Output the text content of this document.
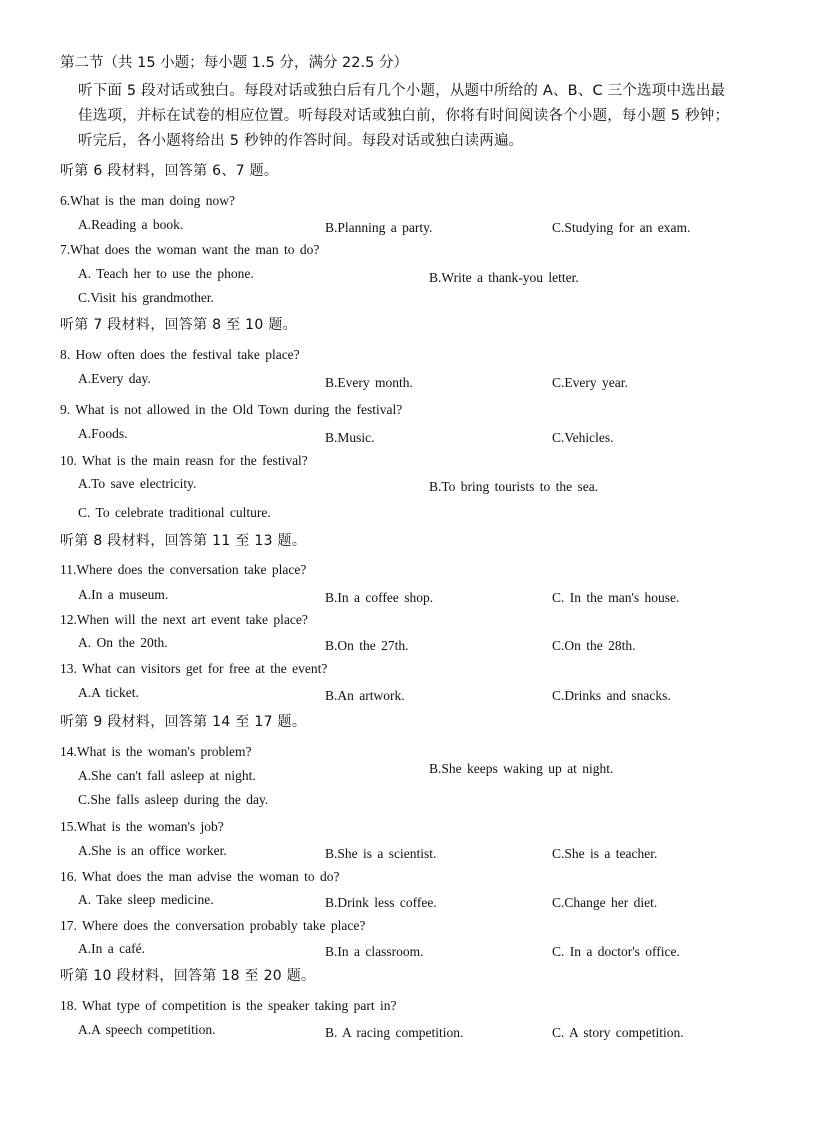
第二节（共 15 小题；每小题 1.5 分，满分 22.5 分）
听下面 5 段对话或独白。每段对话或独白后有几个小题，从题中所给的 A、B、C 三个选项中选出最
佳选项，并标在试卷的相应位置。听每段对话或独白前，你将有时间阅读各个小题，每小题 5 秒钟；
听完后，各小题将给出 5 秒钟的作答时间。每段对话或独白读两遍。
听第 6 段材料，回答第 6、7 题。
6.What is the man doing now?
A.Reading a book.	B.Planning a party.	C.Studying for an exam.
7.What does the woman want the man to do?
A. Teach her to use the phone.	B.Write a thank-you letter.
C.Visit his grandmother.
听第 7 段材料，回答第 8 至 10 题。
8. How often does the festival take place?
A.Every day.	B.Every month.	C.Every year.
9. What is not allowed in the Old Town during the festival?
A.Foods.	B.Music.	C.Vehicles.
10. What is the main reasn for the festival?
A.To save electricity.	B.To bring tourists to the sea.
C. To celebrate traditional culture.
听第 8 段材料，回答第 11 至 13 题。
11.Where does the conversation take place?
A.In a museum.	B.In a coffee shop.	C. In the man's house.
12.When will the next art event take place?
A. On the 20th.	B.On the 27th.	C.On the 28th.
13. What can visitors get for free at the event?
A.A ticket.	B.An artwork.	C.Drinks and snacks.
听第 9 段材料，回答第 14 至 17 题。
14.What is the woman's problem?
A.She can't fall asleep at night.	B.She keeps waking up at night.
C.She falls asleep during the day.
15.What is the woman's job?
A.She is an office worker.	B.She is a scientist.	C.She is a teacher.
16. What does the man advise the woman to do?
A. Take sleep medicine.	B.Drink less coffee.	C.Change her diet.
17. Where does the conversation probably take place?
A.In a café.	B.In a classroom.	C. In a doctor's office.
听第 10 段材料，回答第 18 至 20 题。
18. What type of competition is the speaker taking part in?
A.A speech competition.	B. A racing competition.	C. A story competition.
